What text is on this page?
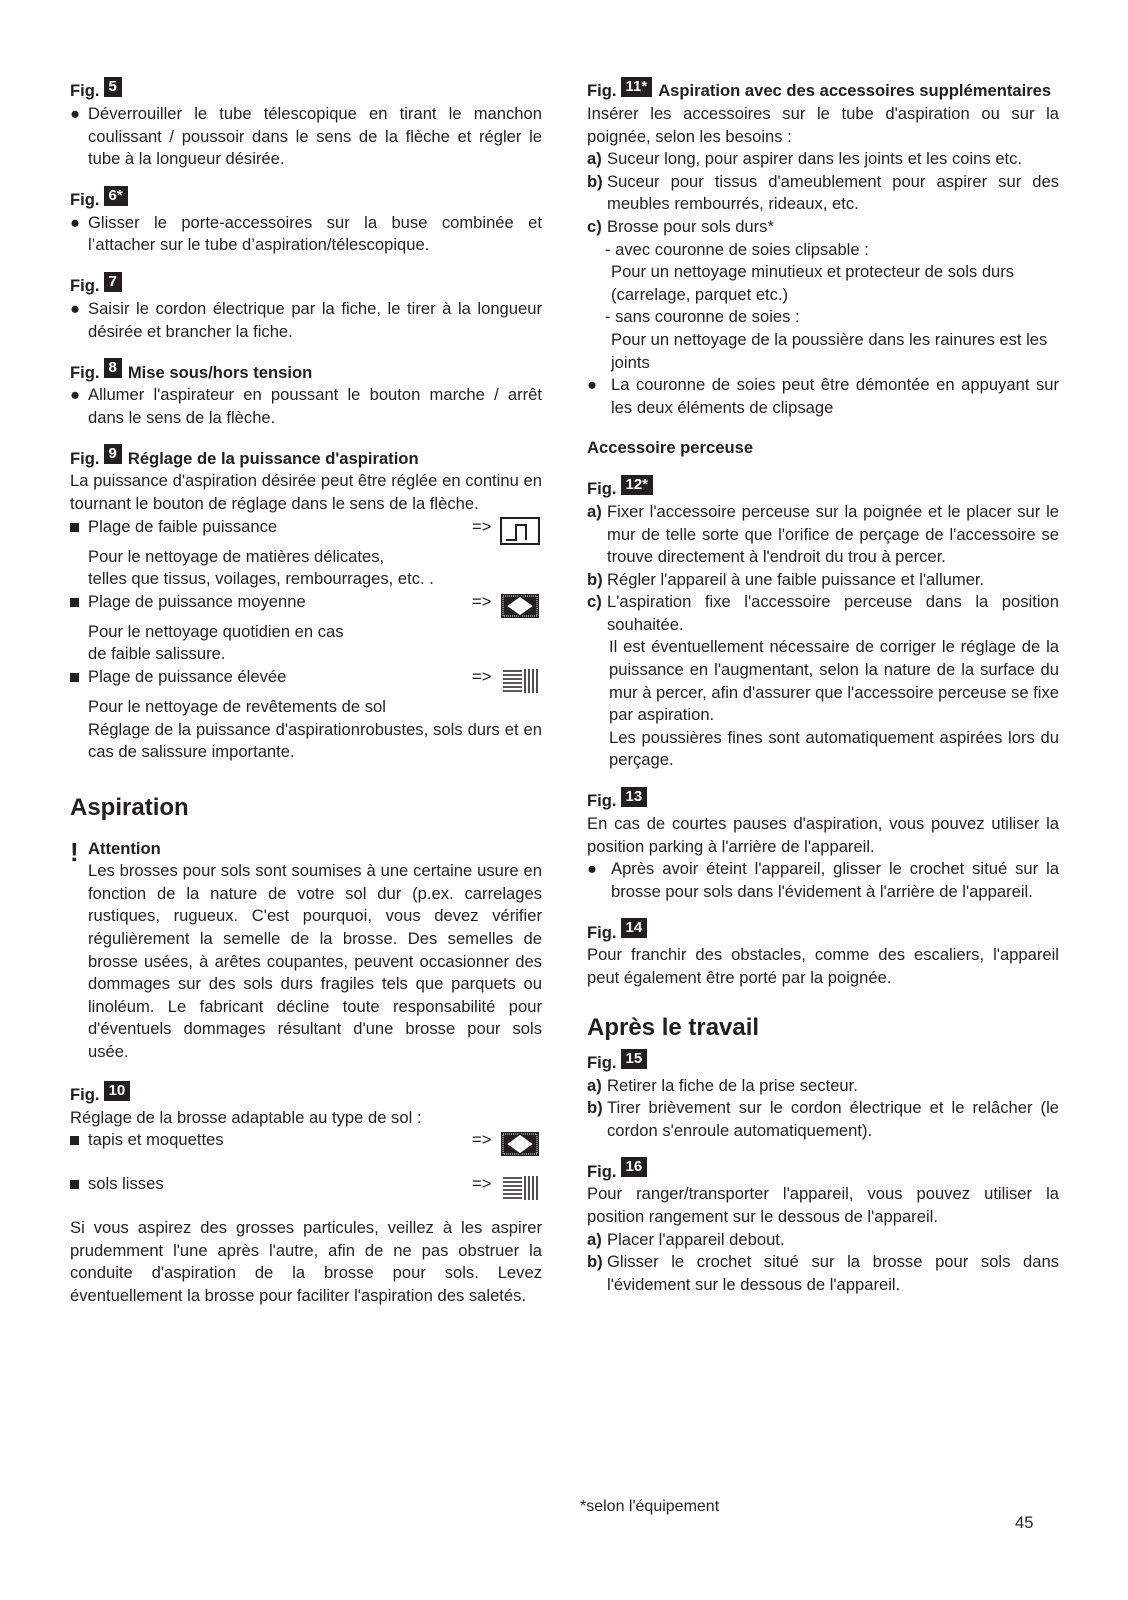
Fig. 5
● Déverrouiller le tube télescopique en tirant le manchon coulissant / poussoir dans le sens de la flèche et régler le tube à la longueur désirée.
Fig. 6*
● Glisser le porte-accessoires sur la buse combinée et l’attacher sur le tube d’aspiration/télescopique.
Fig. 7
● Saisir le cordon électrique par la fiche, le tirer à la longueur désirée et brancher la fiche.
Fig. 8 Mise sous/hors tension
● Allumer l'aspirateur en poussant le bouton marche / arrêt dans le sens de la flèche.
Fig. 9 Réglage de la puissance d'aspiration
La puissance d'aspiration désirée peut être réglée en continu en tournant le bouton de réglage dans le sens de la flèche.
Plage de faible puissance	=>
Pour le nettoyage de matières délicates,
telles que tissus, voilages, rembourrages, etc. .
Plage de puissance moyenne	=>
Pour le nettoyage quotidien en cas
de faible salissure.
Plage de puissance élevée	=>
Pour le nettoyage de revêtements de sol
Réglage de la puissance d'aspirationrobustes, sols durs et en cas de salissure importante.
Aspiration
! Attention
Les brosses pour sols sont soumises à une certaine usure en fonction de la nature de votre sol dur (p.ex. carrelages rustiques, rugueux. C'est pourquoi, vous devez vérifier régulièrement la semelle de la brosse. Des semelles de brosse usées, à arêtes coupantes, peuvent occasionner des dommages sur des sols durs fragiles tels que parquets ou linoléum. Le fabricant décline toute responsabilité pour d'éventuels dommages résultant d'une brosse pour sols usée.
Fig. 10
Réglage de la brosse adaptable au type de sol :
tapis et moquettes	=>
sols lisses	=>
Si vous aspirez des grosses particules, veillez à les aspirer prudemment l'une après l'autre, afin de ne pas obstruer la conduite d'aspiration de la brosse pour sols. Levez éventuellement la brosse pour faciliter l'aspiration des saletés.
Fig. 11* Aspiration avec des accessoires supplémentaires
Insérer les accessoires sur le tube d'aspiration ou sur la poignée, selon les besoins :
a) Suceur long, pour aspirer dans les joints et les coins etc.
b) Suceur pour tissus d'ameublement pour aspirer sur des meubles rembourrés, rideaux, etc.
c) Brosse pour sols durs*
- avec couronne de soies clipsable :
Pour un nettoyage minutieux et protecteur de sols durs (carrelage, parquet etc.)
- sans couronne de soies :
Pour un nettoyage de la poussière dans les rainures est les joints
● La couronne de soies peut être démontée en appuyant sur les deux éléments de clipsage
Accessoire perceuse
Fig. 12*
a) Fixer l'accessoire perceuse sur la poignée et le placer sur le mur de telle sorte que l'orifice de perçage de l'accessoire se trouve directement à l'endroit du trou à percer.
b) Régler l'appareil à une faible puissance et l'allumer.
c) L'aspiration fixe l'accessoire perceuse dans la position souhaitée.
Il est éventuellement nécessaire de corriger le réglage de la puissance en l'augmentant, selon la nature de la surface du mur à percer, afin d'assurer que l'accessoire perceuse se fixe par aspiration.
Les poussières fines sont automatiquement aspirées lors du perçage.
Fig. 13
En cas de courtes pauses d'aspiration, vous pouvez utiliser la position parking à l'arrière de l'appareil.
● Après avoir éteint l'appareil, glisser le crochet situé sur la brosse pour sols dans l'évidement à l'arrière de l'appareil.
Fig. 14
Pour franchir des obstacles, comme des escaliers, l'appareil peut également être porté par la poignée.
Après le travail
Fig. 15
a) Retirer la fiche de la prise secteur.
b) Tirer brièvement sur le cordon électrique et le relâcher (le cordon s'enroule automatiquement).
Fig. 16
Pour ranger/transporter l'appareil, vous pouvez utiliser la position rangement sur le dessous de l'appareil.
a) Placer l'appareil debout.
b) Glisser le crochet situé sur la brosse pour sols dans l'évidement sur le dessous de l'appareil.
*selon l'équipement
45
